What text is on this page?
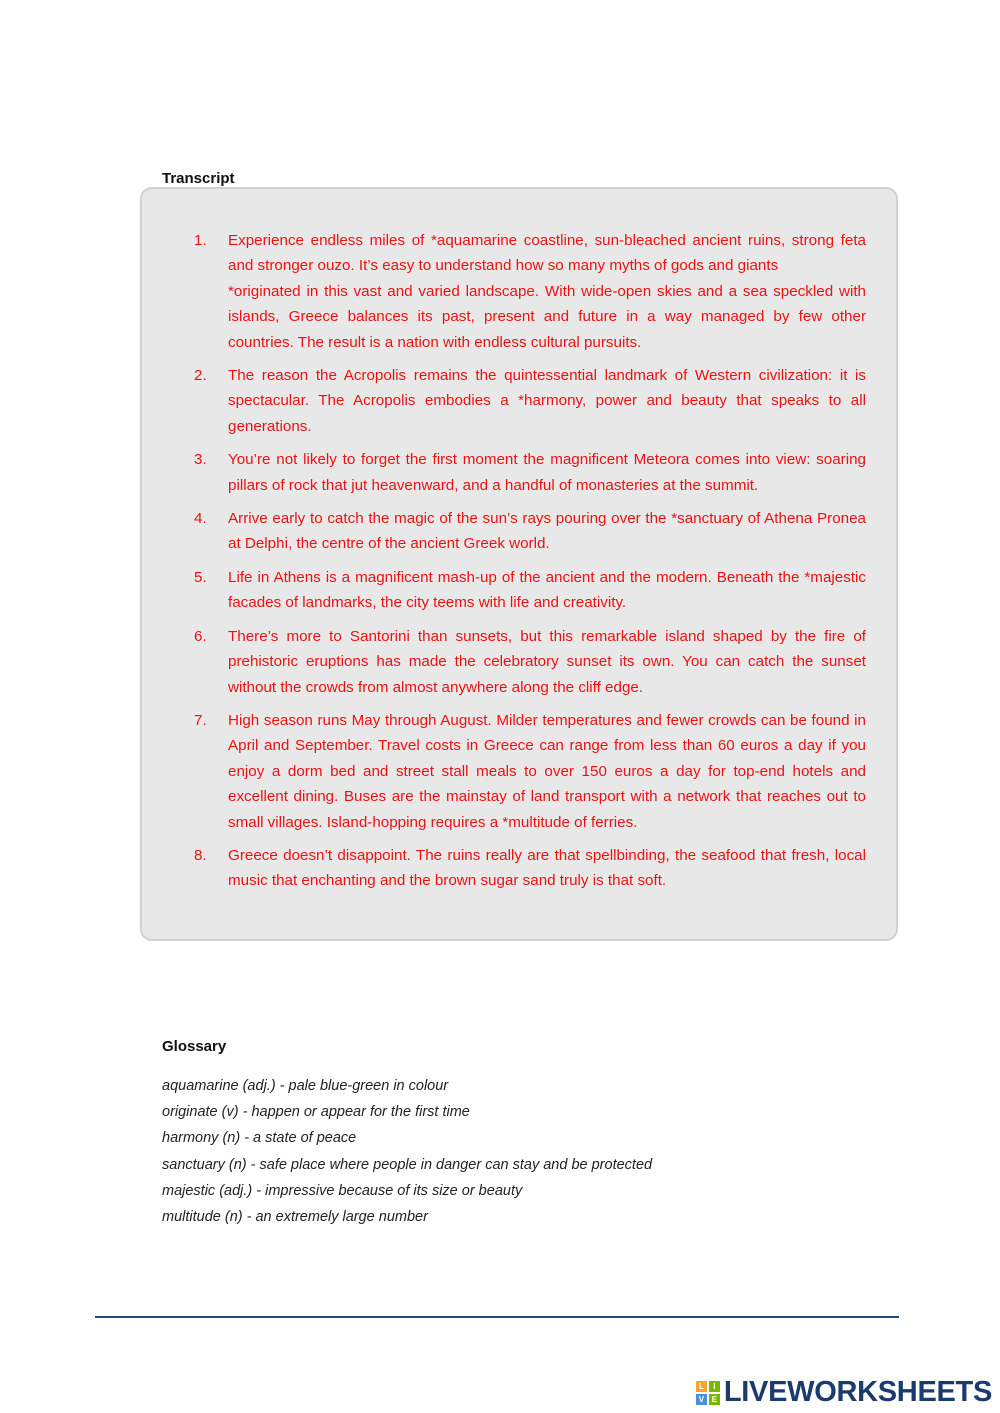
Transcript
1. Experience endless miles of *aquamarine coastline, sun-bleached ancient ruins, strong feta and stronger ouzo. It’s easy to understand how so many myths of gods and giants
*originated in this vast and varied landscape. With wide-open skies and a sea speckled with islands, Greece balances its past, present and future in a way managed by few other countries. The result is a nation with endless cultural pursuits.
2. The reason the Acropolis remains the quintessential landmark of Western civilization: it is spectacular. The Acropolis embodies a *harmony, power and beauty that speaks to all generations.
3. You’re not likely to forget the first moment the magnificent Meteora comes into view: soaring pillars of rock that jut heavenward, and a handful of monasteries at the summit.
4. Arrive early to catch the magic of the sun’s rays pouring over the *sanctuary of Athena Pronea at Delphi, the centre of the ancient Greek world.
5. Life in Athens is a magnificent mash-up of the ancient and the modern. Beneath the *majestic facades of landmarks, the city teems with life and creativity.
6. There’s more to Santorini than sunsets, but this remarkable island shaped by the fire of prehistoric eruptions has made the celebratory sunset its own. You can catch the sunset without the crowds from almost anywhere along the cliff edge.
7. High season runs May through August. Milder temperatures and fewer crowds can be found in April and September. Travel costs in Greece can range from less than 60 euros a day if you enjoy a dorm bed and street stall meals to over 150 euros a day for top-end hotels and excellent dining. Buses are the mainstay of land transport with a network that reaches out to small villages. Island-hopping requires a *multitude of ferries.
8. Greece doesn’t disappoint. The ruins really are that spellbinding, the seafood that fresh, local music that enchanting and the brown sugar sand truly is that soft.
Glossary
aquamarine (adj.) - pale blue-green in colour
originate (v) - happen or appear for the first time
harmony (n) - a state of peace
sanctuary (n) - safe place where people in danger can stay and be protected
majestic (adj.) - impressive because of its size or beauty
multitude (n) - an extremely large number
L	I
V E LIVEWORKSHEETS
